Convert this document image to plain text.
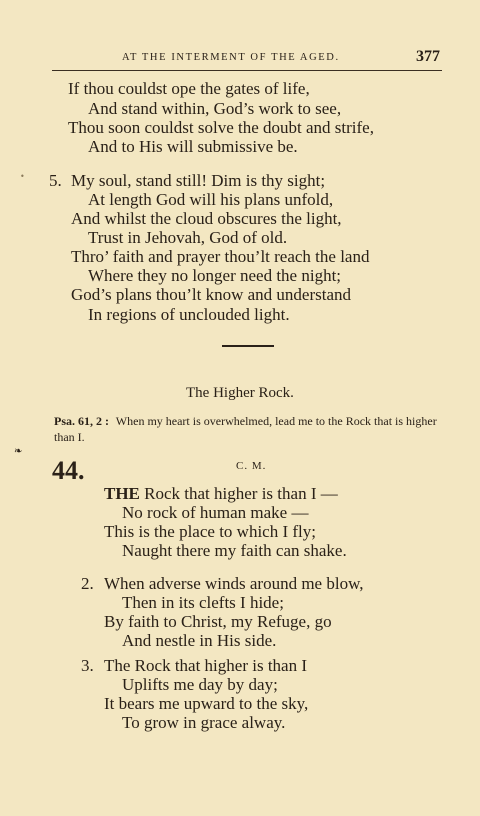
AT THE INTERMENT OF THE AGED.	377
•
If thou couldst ope the gates of life,
And stand within, God’s work to see,
Thou soon couldst solve the doubt and strife,
And to His will submissive be.
5. My soul, stand still! Dim is thy sight;
At length God will his plans unfold,
And whilst the cloud obscures the light,
Trust in Jehovah, God of old.
Thro’ faith and prayer thou’lt reach the land
Where they no longer need the night;
God’s plans thou’lt know and understand
In regions of unclouded light.
The Higher Rock.
Psa. 61, 2 : When my heart is overwhelmed, lead me to the Rock that is higher than I.
❧
44.	C. M.
THE Rock that higher is than I —
No rock of human make —
This is the place to which I fly;
Naught there my faith can shake.
2. When adverse winds around me blow,
Then in its clefts I hide;
By faith to Christ, my Refuge, go
And nestle in His side.
3. The Rock that higher is than I
Uplifts me day by day;
It bears me upward to the sky,
To grow in grace alway.
